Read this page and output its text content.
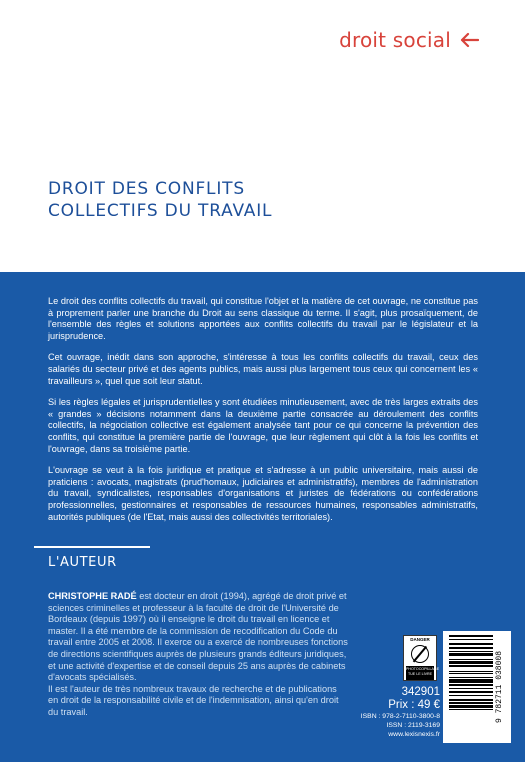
droit social
DROIT DES CONFLITS
COLLECTIFS DU TRAVAIL

Le droit des conflits collectifs du travail, qui constitue l'objet et la matière de cet ouvrage, ne constitue pas à proprement parler une branche du Droit au sens classique du terme. Il s'agit, plus prosaïquement, de l'ensemble des règles et solutions apportées aux conflits collectifs du travail par le législateur et la jurisprudence.

Cet ouvrage, inédit dans son approche, s'intéresse à tous les conflits collectifs du travail, ceux des salariés du secteur privé et des agents publics, mais aussi plus largement tous ceux qui concernent les « travailleurs », quel que soit leur statut.

Si les règles légales et jurisprudentielles y sont étudiées minutieusement, avec de très larges extraits des « grandes » décisions notamment dans la deuxième partie consacrée au déroulement des conflits collectifs, la négociation collective est également analysée tant pour ce qui concerne la prévention des conflits, qui constitue la première partie de l'ouvrage, que leur règlement qui clôt à la fois les conflits et l'ouvrage, dans sa troisième partie.

L'ouvrage se veut à la fois juridique et pratique et s'adresse à un public universitaire, mais aussi de praticiens : avocats, magistrats (prud'homaux, judiciaires et administratifs), membres de l'administration du travail, syndicalistes, responsables d'organisations et juristes de fédérations ou confédérations professionnelles, gestionnaires et responsables de ressources humaines, responsables administratifs, autorités publiques (de l'Etat, mais aussi des collectivités territoriales).

L'AUTEUR
CHRISTOPHE RADÉ est docteur en droit (1994), agrégé de droit privé et sciences criminelles et professeur à la faculté de droit de l'Université de Bordeaux (depuis 1997) où il enseigne le droit du travail en licence et master. Il a été membre de la commission de recodification du Code du travail entre 2005 et 2008. Il exerce ou a exercé de nombreuses fonctions de directions scientifiques auprès de plusieurs grands éditeurs juridiques, et une activité d'expertise et de conseil depuis 25 ans auprès de cabinets d'avocats spécialisés.
Il est l'auteur de très nombreux travaux de recherche et de publications en droit de la responsabilité civile et de l'indemnisation, ainsi qu'en droit du travail.
DANGER
PHOTOCOPILLAGE TUE LE LIVRE
342901
Prix : 49 €
ISBN : 978-2-7110-3800-8
ISSN : 2119-3169
www.lexisnexis.fr
9 782711 038008
